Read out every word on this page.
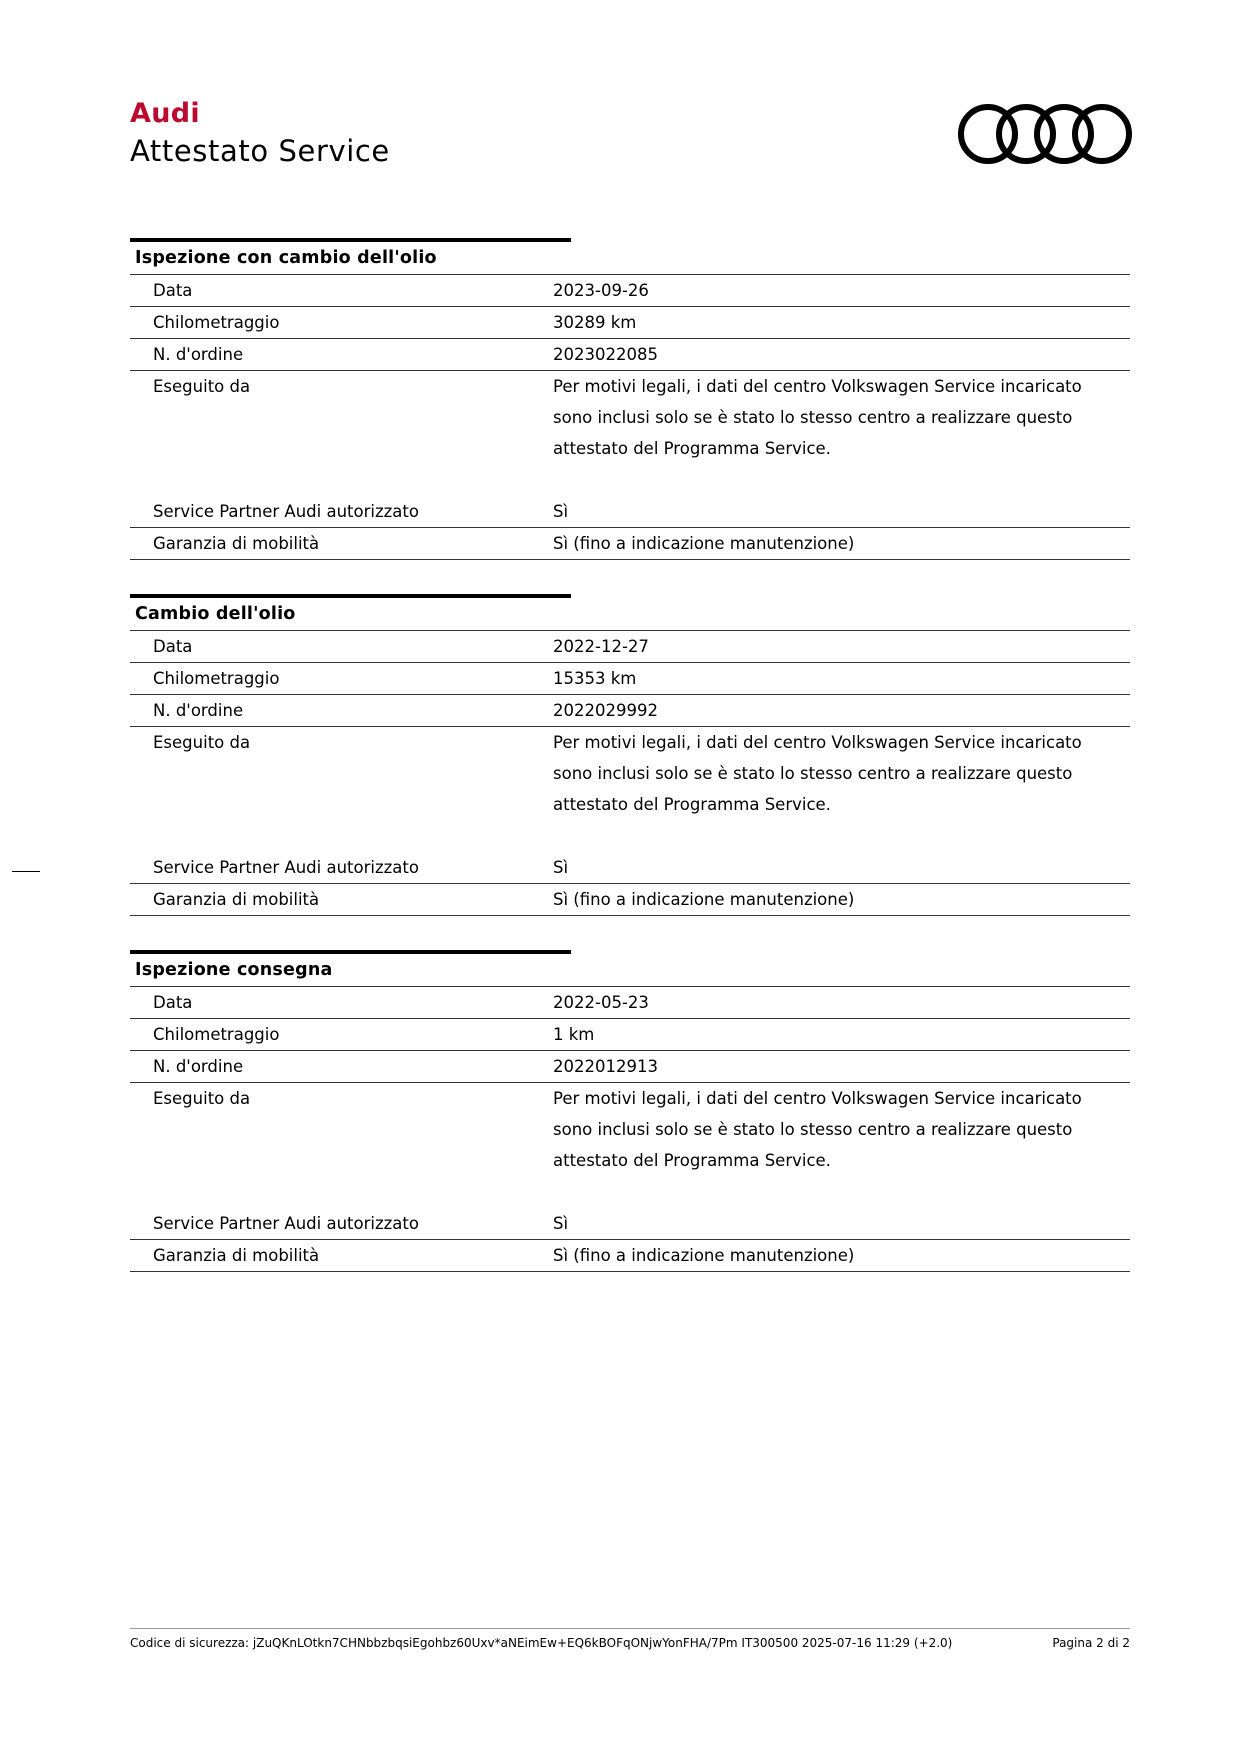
Audi
Attestato Service
Ispezione con cambio dell'olio
Data	2023-09-26
Chilometraggio	30289 km
N. d'ordine	2023022085
Eseguito da	Per motivi legali, i dati del centro Volkswagen Service incaricato
sono inclusi solo se è stato lo stesso centro a realizzare questo
attestato del Programma Service.
Service Partner Audi autorizzato	Sì
Garanzia di mobilità	Sì (fino a indicazione manutenzione)
Cambio dell'olio
Data	2022-12-27
Chilometraggio	15353 km
N. d'ordine	2022029992
Eseguito da	Per motivi legali, i dati del centro Volkswagen Service incaricato
sono inclusi solo se è stato lo stesso centro a realizzare questo
attestato del Programma Service.
Service Partner Audi autorizzato	Sì
Garanzia di mobilità	Sì (fino a indicazione manutenzione)
Ispezione consegna
Data	2022-05-23
Chilometraggio	1 km
N. d'ordine	2022012913
Eseguito da	Per motivi legali, i dati del centro Volkswagen Service incaricato
sono inclusi solo se è stato lo stesso centro a realizzare questo
attestato del Programma Service.
Service Partner Audi autorizzato	Sì
Garanzia di mobilità	Sì (fino a indicazione manutenzione)
Codice di sicurezza: jZuQKnLOtkn7CHNbbzbqsiEgohbz60Uxv*aNEimEw+EQ6kBOFqONjwYonFHA/7Pm IT300500 2025-07-16 11:29 (+2.0)	Pagina 2 di 2
